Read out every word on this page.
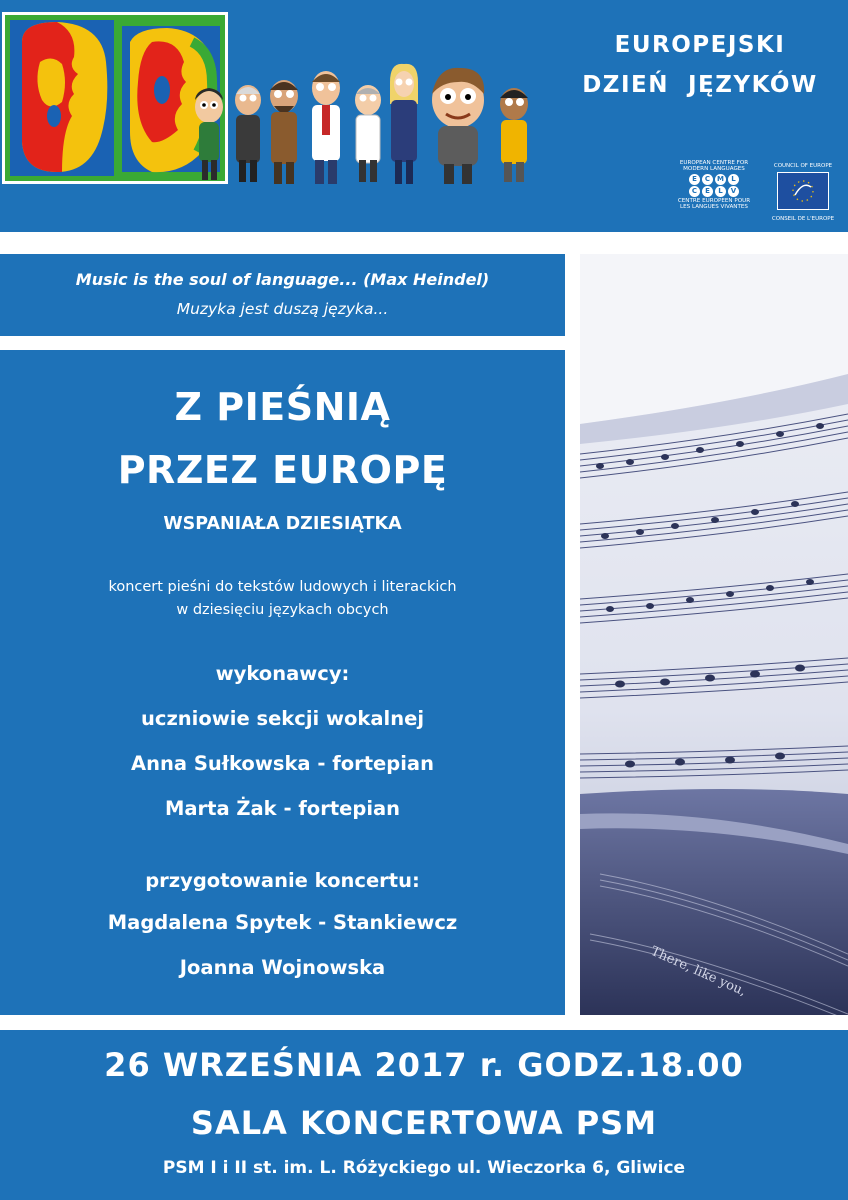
EUROPEJSKI
DZIEŃ  JĘZYKÓW
EUROPEAN CENTRE FOR MODERN LANGUAGES
E	C M	L
C	E	L	V
CENTRE EUROPEEN POUR LES LANGUES VIVANTES
COUNCIL OF EUROPE
CONSEIL DE L'EUROPE
Music is the soul of language... (Max Heindel)
Muzyka jest duszą języka...
Z PIEŚNIĄ
PRZEZ EUROPĘ
WSPANIAŁA DZIESIĄTKA
koncert pieśni do tekstów ludowych i literackich
w dziesięciu językach obcych
wykonawcy:
uczniowie sekcji wokalnej
Anna Sułkowska - fortepian
Marta Żak - fortepian
przygotowanie koncertu:
Magdalena Spytek - Stankiewcz
Joanna Wojnowska	There, like you,
26 WRZEŚNIA 2017 r. GODZ.18.00
SALA KONCERTOWA PSM
PSM I i II st. im. L. Różyckiego ul. Wieczorka 6, Gliwice
